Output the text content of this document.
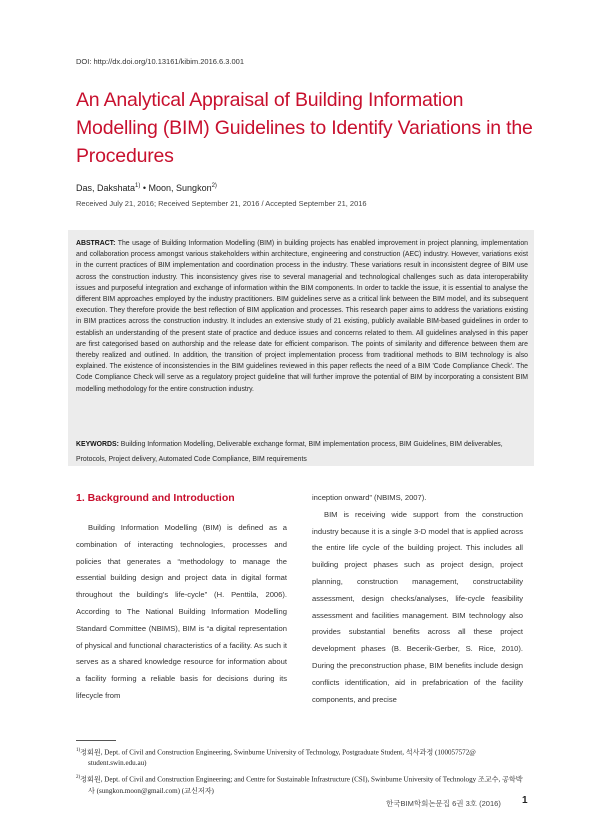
DOI: http://dx.doi.org/10.13161/kibim.2016.6.3.001
An Analytical Appraisal of Building Information Modelling (BIM) Guidelines to Identify Variations in the Procedures
Das, Dakshata$^{1)}$ • Moon, Sungkon$^{2)}$
Received July 21, 2016; Received September 21, 2016 / Accepted September 21, 2016

ABSTRACT: The usage of Building Information Modelling (BIM) in building projects has enabled improvement in project planning, implementation and collaboration process amongst various stakeholders within architecture, engineering and construction (AEC) industry. However, variations exist in the current practices of BIM implementation and coordination process in the industry. These variations result in inconsistent degree of BIM use across the construction industry. This inconsistency gives rise to several managerial and technological challenges such as data interoperability issues and purposeful integration and exchange of information within the BIM components. In order to tackle the issue, it is essential to analyse the different BIM approaches employed by the industry practitioners. BIM guidelines serve as a critical link between the BIM model, and its subsequent execution. They therefore provide the best reflection of BIM application and processes. This research paper aims to address the variations existing in BIM practices across the construction industry. It includes an extensive study of 21 existing, publicly available BIM-based guidelines in order to establish an understanding of the present state of practice and deduce issues and concerns related to them. All guidelines analysed in this paper are first categorised based on authorship and the release date for efficient comparison. The points of similarity and difference between them are thereby realized and outlined. In addition, the transition of project implementation process from traditional methods to BIM technology is also explained. The existence of inconsistencies in the BIM guidelines reviewed in this paper reflects the need of a BIM 'Code Compliance Check'. The Code Compliance Check will serve as a regulatory project guideline that will further improve the potential of BIM by incorporating a consistent BIM modelling methodology for the entire construction industry.

KEYWORDS: Building Information Modelling, Deliverable exchange format, BIM implementation process, BIM Guidelines, BIM deliverables, Protocols, Project delivery, Automated Code Compliance, BIM requirements

1. Background and Introduction

Building Information Modelling (BIM) is defined as a combination of interacting technologies, processes and policies that generates a “methodology to manage the essential building design and project data in digital format throughout the building's life-cycle” (H. Penttila, 2006). According to The National Building Information Modelling Standard Committee (NBIMS), BIM is “a digital representation of physical and functional characteristics of a facility. As such it serves as a shared knowledge resource for information about a facility forming a reliable basis for decisions during its lifecycle from

inception onward” (NBIMS, 2007).

BIM is receiving wide support from the construction industry because it is a single 3-D model that is applied across the entire life cycle of the building project. This includes all building project phases such as project design, project planning, construction management, constructability assessment, design checks/analyses, life-cycle feasibility assessment and facilities management. BIM technology also provides substantial benefits across all these project development phases (B. Becerik-Gerber, S. Rice, 2010). During the preconstruction phase, BIM benefits include design conflicts identification, aid in prefabrication of the facility components, and precise

$^{1)}$정회원, Dept. of Civil and Construction Engineering, Swinburne University of Technology, Postgraduate Student, 석사과정 (100057572@ student.swin.edu.au)

$^{2)}$정회원, Dept. of Civil and Construction Engineering; and Centre for Sustainable Infrastructure (CSI), Swinburne University of Technology 조교수, 공학박사 (sungkon.moon@gmail.com) (교신저자)

한국BIM학회논문집 6권 3호 (2016) 1
